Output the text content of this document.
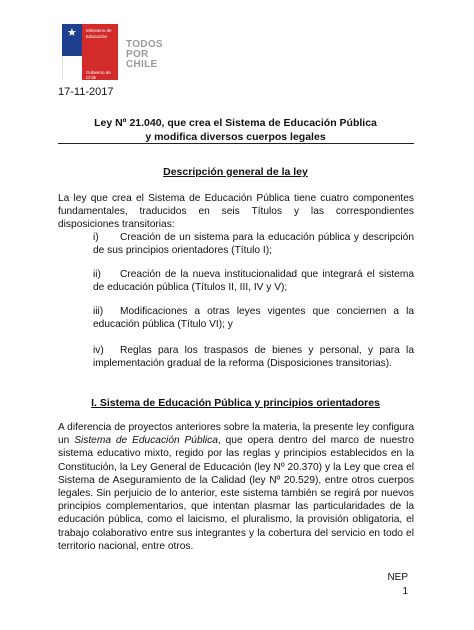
★ Ministerio de
Educación
Gobierno de Chile
TODOS
POR
CHILE
17-11-2017
Ley Nº 21.040, que crea el Sistema de Educación Pública
y modifica diversos cuerpos legales
Descripción general de la ley
La ley que crea el Sistema de Educación Pública tiene cuatro componentes fundamentales, traducidos en seis Títulos y las correspondientes disposiciones transitorias:
i)	Creación de un sistema para la educación pública y descripción de sus principios orientadores (Título I);
ii)	Creación de la nueva institucionalidad que integrará el sistema de educación pública (Títulos II, III, IV y V);
iii)	Modificaciones a otras leyes vigentes que conciernen a la educación pública (Título VI); y
iv)	Reglas para los traspasos de bienes y personal, y para la implementación gradual de la reforma (Disposiciones transitorias).
I. Sistema de Educación Pública y principios orientadores
A diferencia de proyectos anteriores sobre la materia, la presente ley configura un Sistema de Educación Pública, que opera dentro del marco de nuestro sistema educativo mixto, regido por las reglas y principios establecidos en la Constitución, la Ley General de Educación (ley Nº 20.370) y la Ley que crea el Sistema de Aseguramiento de la Calidad (ley Nº 20.529), entre otros cuerpos legales. Sin perjuicio de lo anterior, este sistema también se regirá por nuevos principios complementarios, que intentan plasmar las particularidades de la educación pública, como el laicismo, el pluralismo, la provisión obligatoria, el trabajo colaborativo entre sus integrantes y la cobertura del servicio en todo el territorio nacional, entre otros.
NEP
1
